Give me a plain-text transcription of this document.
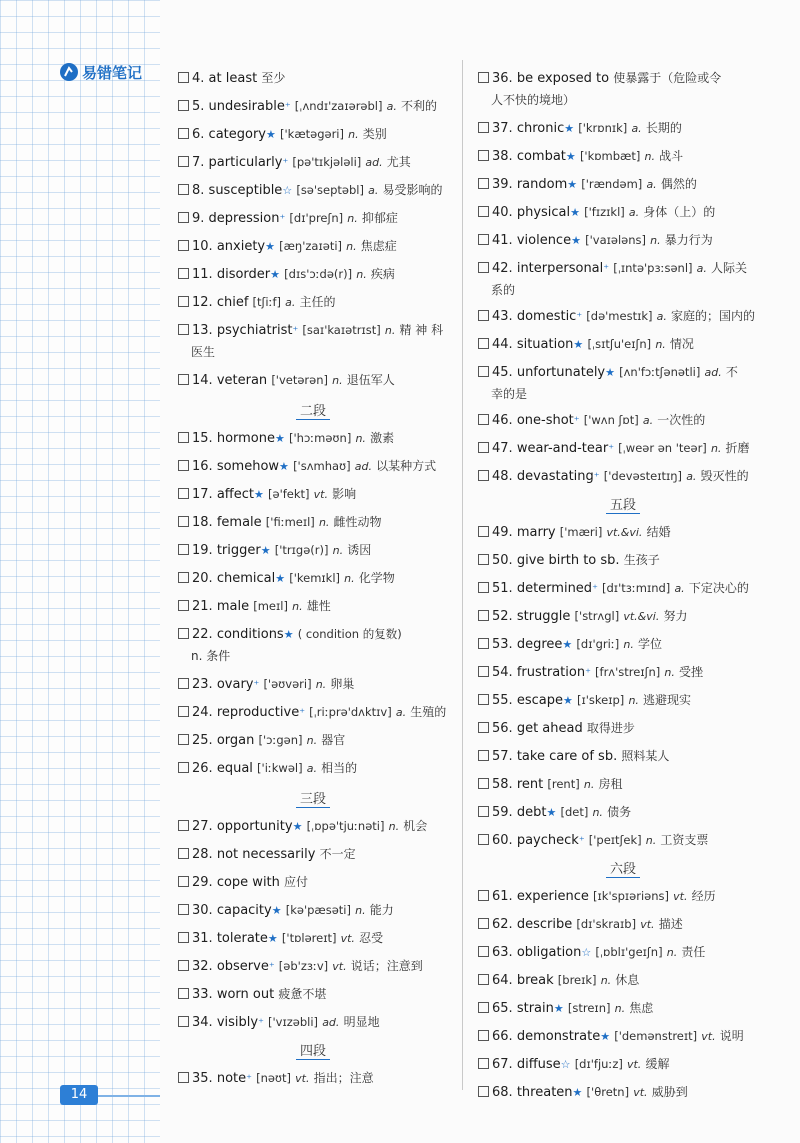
易错笔记	4. at least 至少
5. undesirable⁺ [ˌʌndɪ'zaɪərəbl] a. 不利的
6. category★ ['kætəgəri] n. 类别
7. particularly⁺ [pə'tɪkjələli] ad. 尤其
8. susceptible☆ [sə'septəbl] a. 易受影响的
9. depression⁺ [dɪ'preʃn] n. 抑郁症
10. anxiety★ [æŋ'zaɪəti] n. 焦虑症
11. disorder★ [dɪs'ɔːdə(r)] n. 疾病
12. chief [tʃiːf] a. 主任的
13. psychiatrist⁺ [saɪ'kaɪətrɪst] n. 精 神 科
医生
14. veteran ['vetərən] n. 退伍军人
二段
15. hormone★ ['hɔːməʊn] n. 激素
16. somehow★ ['sʌmhaʊ] ad. 以某种方式
17. affect★ [ə'fekt] vt. 影响
18. female ['fiːmeɪl] n. 雌性动物
19. trigger★ ['trɪgə(r)] n. 诱因
20. chemical★ ['kemɪkl] n. 化学物
21. male [meɪl] n. 雄性
22. conditions★ ( condition 的复数)
n. 条件
23. ovary⁺ ['əʊvəri] n. 卵巢
24. reproductive⁺ [ˌriːprə'dʌktɪv] a. 生殖的
25. organ ['ɔːgən] n. 器官
26. equal ['iːkwəl] a. 相当的
三段
27. opportunity★ [ˌɒpə'tjuːnəti] n. 机会
28. not necessarily 不一定
29. cope with 应付
30. capacity★ [kə'pæsəti] n. 能力
31. tolerate★ ['tɒləreɪt] vt. 忍受
32. observe⁺ [əb'zɜːv] vt. 说话；注意到
33. worn out 疲惫不堪
34. visibly⁺ ['vɪzəbli] ad. 明显地
四段
35. note⁺ [nəʊt] vt. 指出；注意
36. be exposed to 使暴露于（危险或令
人不快的境地）
37. chronic★ ['krɒnɪk] a. 长期的
38. combat★ ['kɒmbæt] n. 战斗
39. random★ ['rændəm] a. 偶然的
40. physical★ ['fɪzɪkl] a. 身体（上）的
41. violence★ ['vaɪələns] n. 暴力行为
42. interpersonal⁺ [ˌɪntə'pɜːsənl] a. 人际关
系的
43. domestic⁺ [də'mestɪk] a. 家庭的；国内的
44. situation★ [ˌsɪtʃu'eɪʃn] n. 情况
45. unfortunately★ [ʌn'fɔːtʃənətli] ad. 不
幸的是
46. one-shot⁺ ['wʌn ʃɒt] a. 一次性的
47. wear-and-tear⁺ [ˌweər ən 'teər] n. 折磨
48. devastating⁺ ['devəsteɪtɪŋ] a. 毁灭性的
五段
49. marry ['mæri] vt.&vi. 结婚
50. give birth to sb. 生孩子
51. determined⁺ [dɪ'tɜːmɪnd] a. 下定决心的
52. struggle ['strʌgl] vt.&vi. 努力
53. degree★ [dɪ'griː] n. 学位
54. frustration⁺ [frʌ'streɪʃn] n. 受挫
55. escape★ [ɪ'skeɪp] n. 逃避现实
56. get ahead 取得进步
57. take care of sb. 照料某人
58. rent [rent] n. 房租
59. debt★ [det] n. 债务
60. paycheck⁺ ['peɪtʃek] n. 工资支票
六段
61. experience [ɪk'spɪəriəns] vt. 经历
62. describe [dɪ'skraɪb] vt. 描述
63. obligation☆ [ˌɒblɪ'geɪʃn] n. 责任
64. break [breɪk] n. 休息
65. strain★ [streɪn] n. 焦虑
66. demonstrate★ ['demənstreɪt] vt. 说明
67. diffuse☆ [dɪ'fjuːz] vt. 缓解
68. threaten★ ['θretn] vt. 威胁到
14
